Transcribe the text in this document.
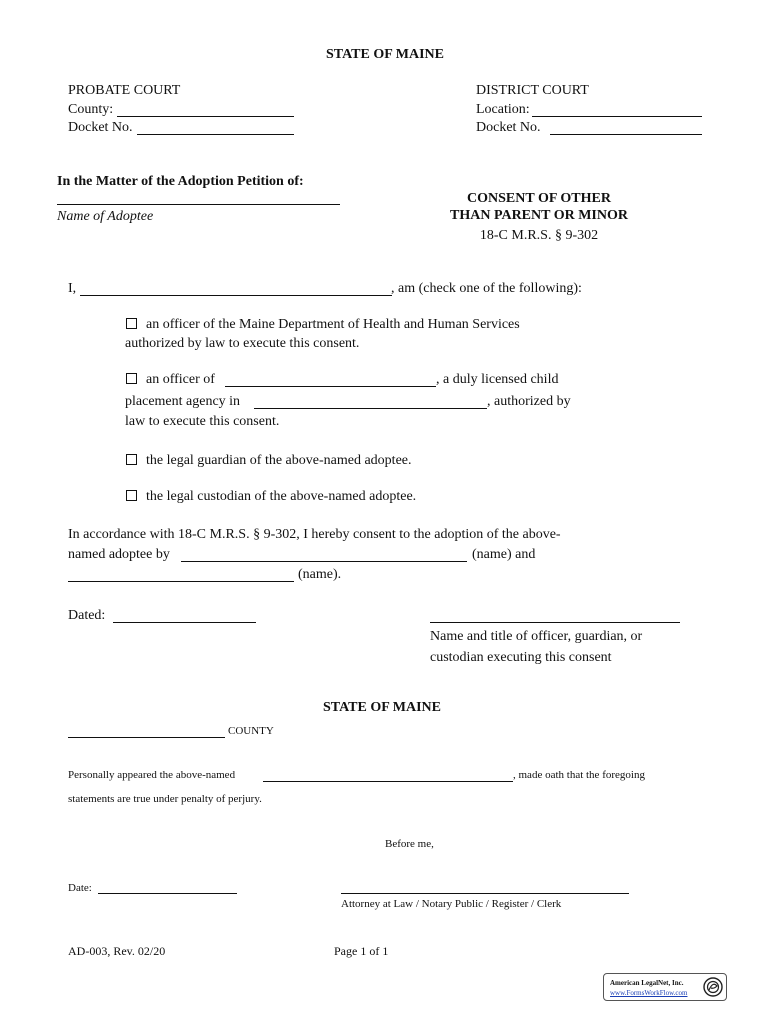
STATE OF MAINE
PROBATE COURT
County:
Docket No.
DISTRICT COURT
Location:
Docket No.
In the Matter of the Adoption Petition of:
Name of Adoptee
CONSENT OF OTHER
THAN PARENT OR MINOR
18-C M.R.S. § 9-302
I,	, am (check one of the following):
an officer of the Maine Department of Health and Human Services
authorized by law to execute this consent.
an officer of	, a duly licensed child
placement agency in	, authorized by
law to execute this consent.
the legal guardian of the above-named adoptee.
the legal custodian of the above-named adoptee.
In accordance with 18-C M.R.S. § 9-302, I hereby consent to the adoption of the above-
named adoptee by	(name) and
(name).
Dated:
Name and title of officer, guardian, or
custodian executing this consent
STATE OF MAINE
COUNTY
Personally appeared the above-named	, made oath that the foregoing
statements are true under penalty of perjury.
Before me,
Date:
Attorney at Law / Notary Public / Register / Clerk
AD-003, Rev. 02/20	Page 1 of 1
American LegalNet, Inc.
www.FormsWorkFlow.com
